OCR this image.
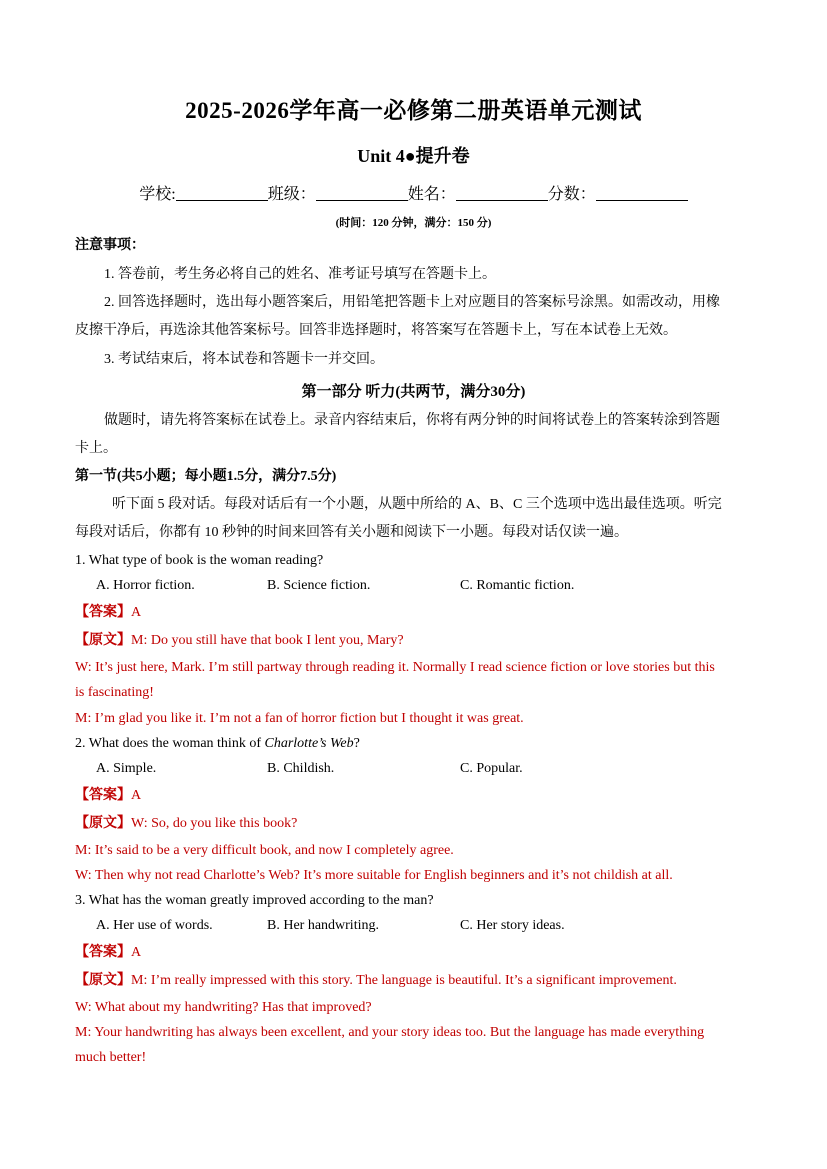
2025-2026学年高一必修第二册英语单元测试
Unit 4●提升卷
学校:	班级：	姓名：	分数：
(时间：120 分钟，满分：150 分)
注意事项：
1. 答卷前，考生务必将自己的姓名、准考证号填写在答题卡上。
2. 回答选择题时，选出每小题答案后，用铅笔把答题卡上对应题目的答案标号涂黑。如需改动，用橡
皮擦干净后，再选涂其他答案标号。回答非选择题时，将答案写在答题卡上，写在本试卷上无效。
3. 考试结束后，将本试卷和答题卡一并交回。
第一部分 听力(共两节，满分30分)
做题时，请先将答案标在试卷上。录音内容结束后，你将有两分钟的时间将试卷上的答案转涂到答题
卡上。
第一节(共5小题；每小题1.5分，满分7.5分)
听下面 5 段对话。每段对话后有一个小题，从题中所给的 A、B、C 三个选项中选出最佳选项。听完
每段对话后，你都有 10 秒钟的时间来回答有关小题和阅读下一小题。每段对话仅读一遍。
1. What type of book is the woman reading?
A. Horror fiction.	B. Science fiction.	C. Romantic fiction.
【答案】A
【原文】M: Do you still have that book I lent you, Mary?
W: It’s just here, Mark. I’m still partway through reading it. Normally I read science fiction or love stories but this
is fascinating!
M: I’m glad you like it. I’m not a fan of horror fiction but I thought it was great.
2. What does the woman think of Charlotte’s Web?
A. Simple.	B. Childish.	C. Popular.
【答案】A
【原文】W: So, do you like this book?
M: It’s said to be a very difficult book, and now I completely agree.
W: Then why not read Charlotte’s Web? It’s more suitable for English beginners and it’s not childish at all.
3. What has the woman greatly improved according to the man?
A. Her use of words.	B. Her handwriting.	C. Her story ideas.
【答案】A
【原文】M: I’m really impressed with this story. The language is beautiful. It’s a significant improvement.
W: What about my handwriting? Has that improved?
M: Your handwriting has always been excellent, and your story ideas too. But the language has made everything
much better!
